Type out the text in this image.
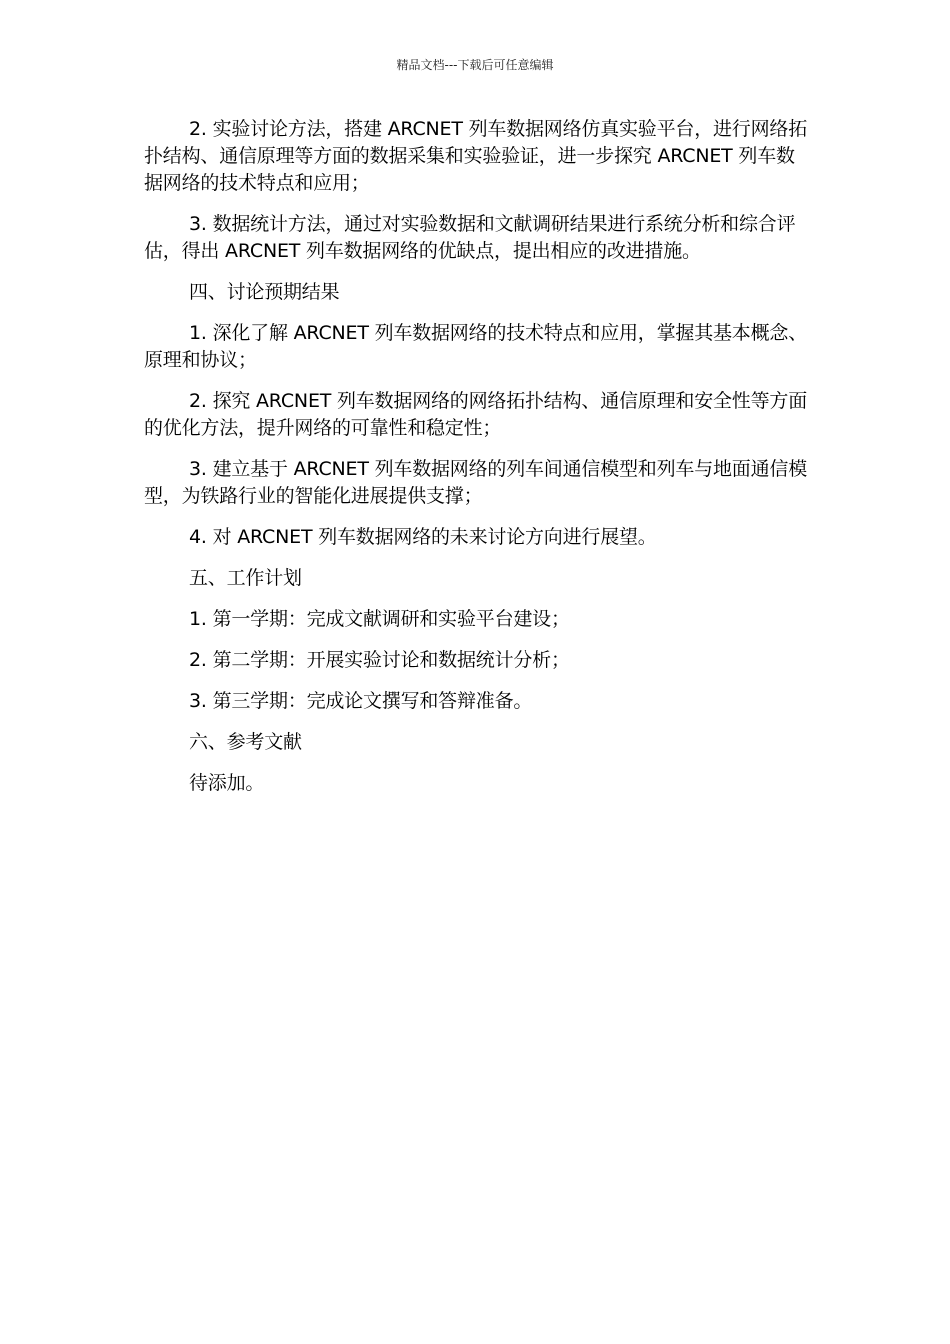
精品文档---下载后可任意编辑

2. 实验讨论方法，搭建 ARCNET 列车数据网络仿真实验平台，进行网络拓扑结构、通信原理等方面的数据采集和实验验证，进一步探究 ARCNET 列车数据网络的技术特点和应用；

3. 数据统计方法，通过对实验数据和文献调研结果进行系统分析和综合评估，得出 ARCNET 列车数据网络的优缺点，提出相应的改进措施。

四、讨论预期结果

1. 深化了解 ARCNET 列车数据网络的技术特点和应用，掌握其基本概念、原理和协议；

2. 探究 ARCNET 列车数据网络的网络拓扑结构、通信原理和安全性等方面的优化方法，提升网络的可靠性和稳定性；

3. 建立基于 ARCNET 列车数据网络的列车间通信模型和列车与地面通信模型，为铁路行业的智能化进展提供支撑；

4. 对 ARCNET 列车数据网络的未来讨论方向进行展望。

五、工作计划

1. 第一学期：完成文献调研和实验平台建设；

2. 第二学期：开展实验讨论和数据统计分析；

3. 第三学期：完成论文撰写和答辩准备。

六、参考文献

待添加。
